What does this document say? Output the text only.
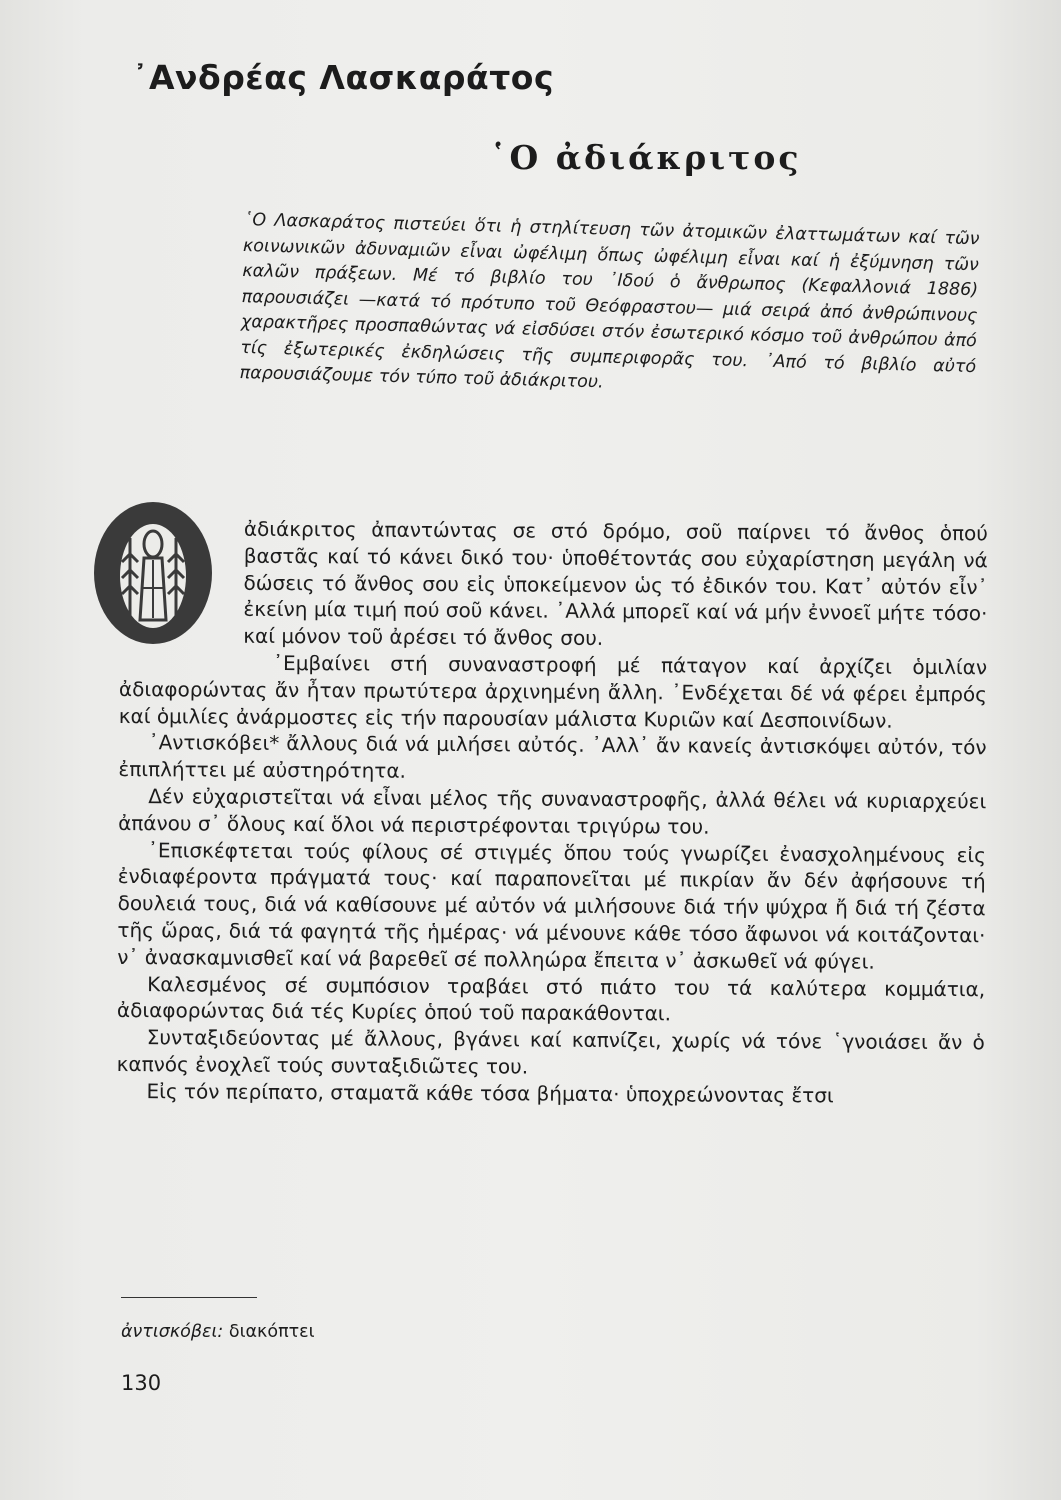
᾿Ανδρέας Λασκαράτος
῾Ο ἀδιάκριτος

῾Ο Λασκαράτος πιστεύει ὅτι ἡ στηλίτευση τῶν ἀτομικῶν ἐλαττωμάτων καί τῶν κοινωνικῶν ἀδυναμιῶν εἶναι ὠφέλιμη ὅπως ὠφέλιμη εἶναι καί ἡ ἐξύμνηση τῶν καλῶν πράξεων. Μέ τό βιβλίο του ᾿Ιδού ὁ ἄνθρωπος (Κεφαλλονιά 1886) παρουσιάζει —κατά τό πρότυπο τοῦ Θεόφραστου— μιά σειρά ἀπό ἀνθρώπινους χαρακτῆρες προσπαθώντας νά εἰσδύσει στόν ἐσωτερικό κόσμο τοῦ ἀνθρώπου ἀπό τίς ἐξωτερικές ἐκδηλώσεις τῆς συμπεριφορᾶς του. ᾿Από τό βιβλίο αὐτό παρουσιάζουμε τόν τύπο τοῦ ἀδιάκριτου.

ἀδιάκριτος ἀπαντώντας σε στό δρόμο, σοῦ παίρνει τό ἄνθος ὁπού βαστᾶς καί τό κάνει δικό του· ὑποθέτοντάς σου εὐχαρίστηση μεγάλη νά δώσεις τό ἄνθος σου εἰς ὑποκείμενον ὡς τό ἐδικόν του. Κατ᾿ αὐτόν εἶν᾿ ἐκείνη μία τιμή πού σοῦ κάνει. ᾿Αλλά μπορεῖ καί νά μήν ἐννοεῖ μήτε τόσο· καί μόνον τοῦ ἀρέσει τό ἄνθος σου.

᾿Εμβαίνει στή συναναστροφή μέ πάταγον καί ἀρχίζει ὁμιλίαν ἀδιαφορώντας ἄν ἦταν πρωτύτερα ἀρχινημένη ἄλλη. ᾿Ενδέχεται δέ νά φέρει ἐμπρός καί ὁμιλίες ἀνάρμοστες εἰς τήν παρουσίαν μάλιστα Κυριῶν καί Δεσποινίδων.

᾿Αντισκόβει* ἄλλους διά νά μιλήσει αὐτός. ᾿Αλλ᾿ ἄν κανείς ἀντισκόψει αὐτόν, τόν ἐπιπλήττει μέ αὐστηρότητα.

Δέν εὐχαριστεῖται νά εἶναι μέλος τῆς συναναστροφῆς, ἀλλά θέλει νά κυριαρχεύει ἀπάνου σ᾿ ὅλους καί ὅλοι νά περιστρέφονται τριγύρω του.

᾿Επισκέφτεται τούς φίλους σέ στιγμές ὅπου τούς γνωρίζει ἐνασχολημένους εἰς ἐνδιαφέροντα πράγματά τους· καί παραπονεῖται μέ πικρίαν ἄν δέν ἀφήσουνε τή δουλειά τους, διά νά καθίσουνε μέ αὐτόν νά μιλήσουνε διά τήν ψύχρα ἤ διά τή ζέστα τῆς ὥρας, διά τά φαγητά τῆς ἡμέρας· νά μένουνε κάθε τόσο ἄφωνοι νά κοιτάζονται· ν᾿ ἀνασκαμνισθεῖ καί νά βαρεθεῖ σέ πολληώρα ἔπειτα ν᾿ ἀσκωθεῖ νά φύγει.

Καλεσμένος σέ συμπόσιον τραβάει στό πιάτο του τά καλύτερα κομμάτια, ἀδιαφορώντας διά τές Κυρίες ὁπού τοῦ παρακάθονται.

Συνταξιδεύοντας μέ ἄλλους, βγάνει καί καπνίζει, χωρίς νά τόνε ῾γνοιάσει ἄν ὁ καπνός ἐνοχλεῖ τούς συνταξιδιῶτες του.

Εἰς τόν περίπατο, σταματᾶ κάθε τόσα βήματα· ὑποχρεώνοντας ἔτσι

ἀντισκόβει: διακόπτει

130
